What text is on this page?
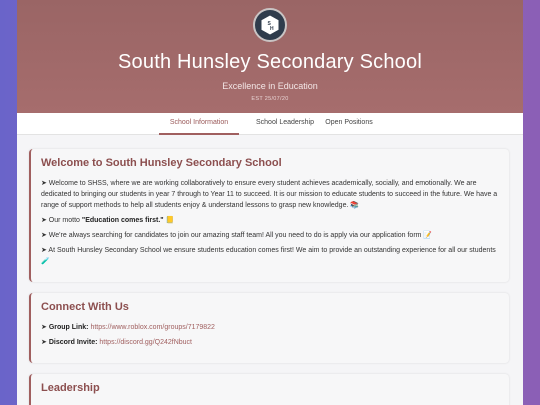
S
H
South Hunsley Secondary School
Excellence in Education
EST 25/07/20
School Information	School Leadership	Open Positions
Welcome to South Hunsley Secondary School

➤ Welcome to SHSS, where we are working collaboratively to ensure every student achieves academically, socially, and emotionally. We are dedicated to bringing our students in year 7 through to Year 11 to succeed. It is our mission to educate students to succeed in the future. We have a range of support methods to help all students enjoy & understand lessons to grasp new knowledge. 📚

➤ Our motto "Education comes first." 📒

➤ We're always searching for candidates to join our amazing staff team! All you need to do is apply via our application form 📝

➤ At South Hunsley Secondary School we ensure students education comes first! We aim to provide an outstanding experience for all our students 🧪

Connect With Us

➤ Group Link: https://www.roblox.com/groups/7179822

➤ Discord Invite: https://discord.gg/Q242fNbuct

Leadership
